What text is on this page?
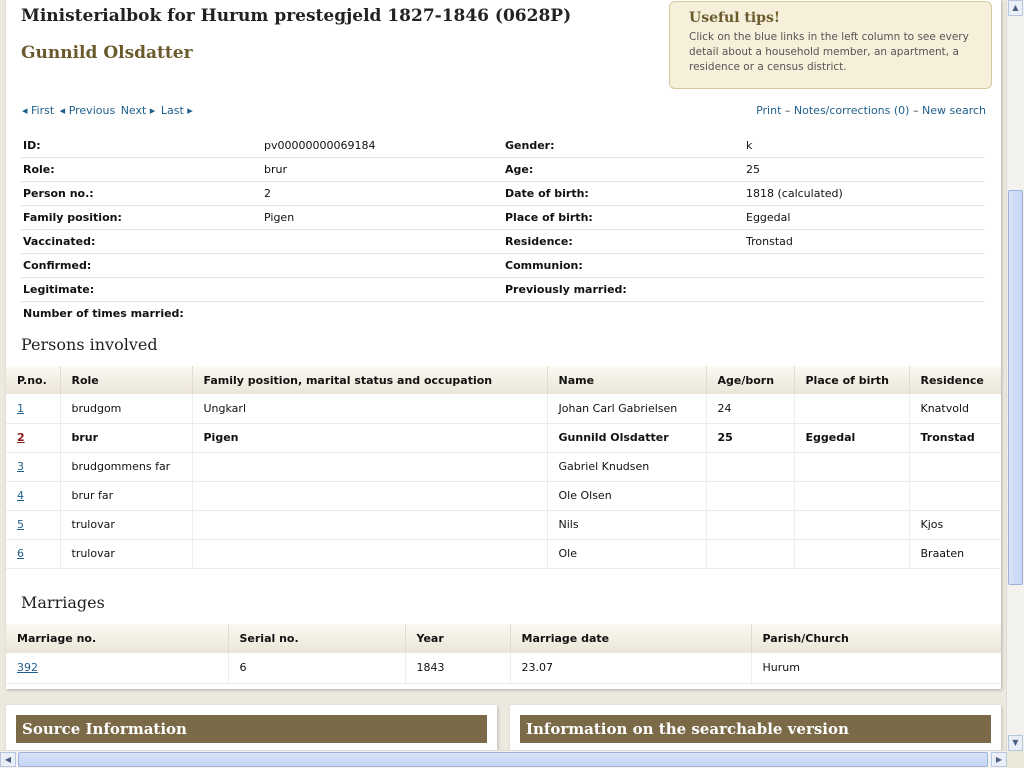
Ministerialbok for Hurum prestegjeld 1827-1846 (0628P)
Gunnild Olsdatter
Useful tips!
Click on the blue links in the left column to see every detail about a household member, an apartment, a residence or a census district.
◂ First ◂ Previous Next ▸ Last ▸	Print – Notes/corrections (0) – New search
ID:	pv00000000069184	Gender:	k
Role:	brur	Age:	25
Person no.:	2	Date of birth:	1818 (calculated)
Family position:	Pigen	Place of birth:	Eggedal
Vaccinated:		Residence:	Tronstad
Confirmed:		Communion:	
Legitimate:		Previously married:	
Number of times married:			
Persons involved
P.no.	Role	Family position, marital status and occupation	Name	Age/born	Place of birth	Residence
1	brudgom	Ungkarl	Johan Carl Gabrielsen	24		Knatvold
2	brur	Pigen	Gunnild Olsdatter	25	Eggedal	Tronstad
3	brudgommens far		Gabriel Knudsen			
4	brur far		Ole Olsen			
5	trulovar		Nils			Kjos
6	trulovar		Ole			Braaten
Marriages
Marriage no.	Serial no.	Year	Marriage date	Parish/Church
392	6	1843	23.07	Hurum
Source Information	Information on the searchable version
▲
▼
◀	▶
